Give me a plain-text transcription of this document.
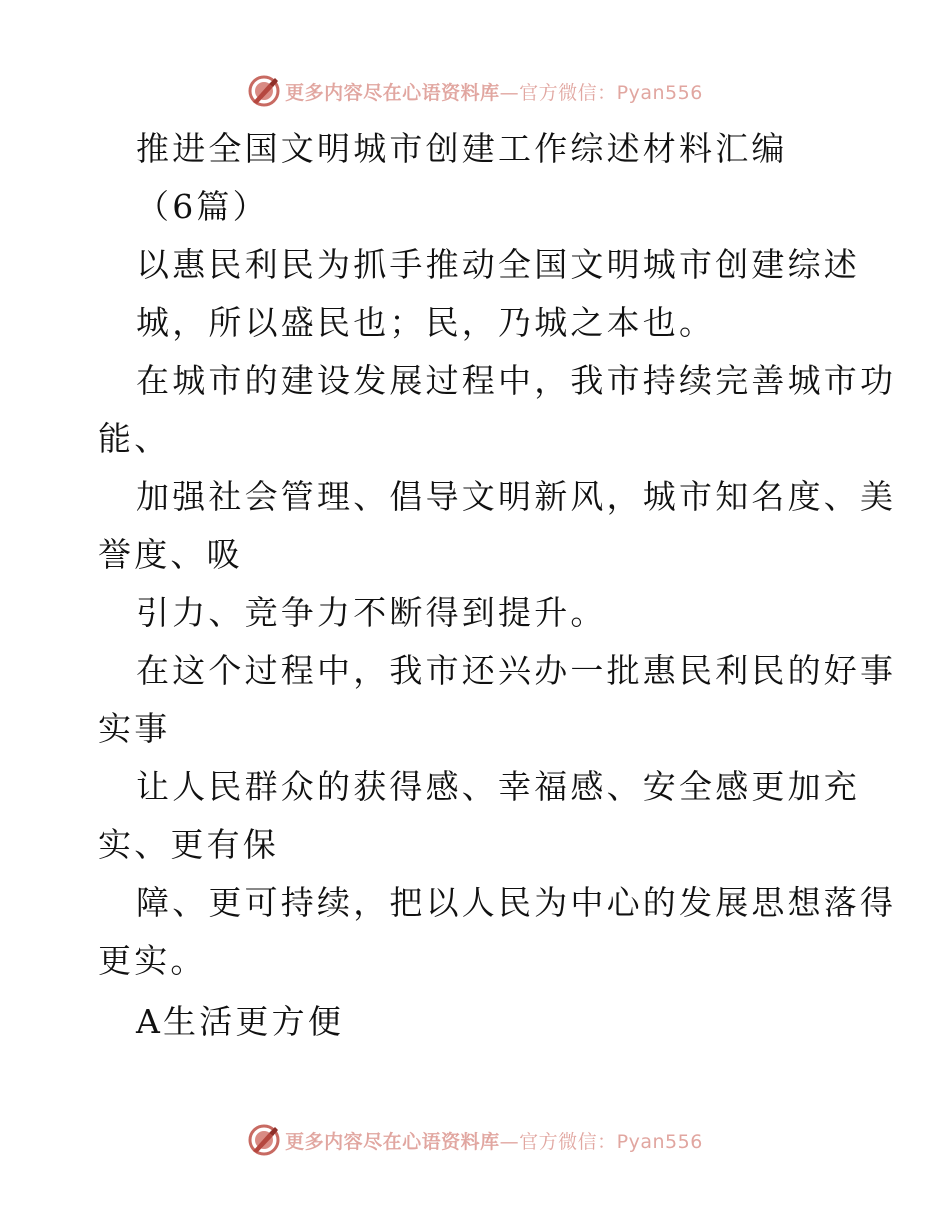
更多内容尽在心语资料库—官方微信：Pyan556
推进全国文明城市创建工作综述材料汇编
（6篇）
以惠民利民为抓手推动全国文明城市创建综述
城，所以盛民也；民，乃城之本也。
在城市的建设发展过程中，我市持续完善城市功
能、
加强社会管理、倡导文明新风，城市知名度、美
誉度、吸
引力、竞争力不断得到提升。
在这个过程中，我市还兴办一批惠民利民的好事
实事
让人民群众的获得感、幸福感、安全感更加充
实、更有保
障、更可持续，把以人民为中心的发展思想落得
更实。
A生活更方便
更多内容尽在心语资料库—官方微信：Pyan556
